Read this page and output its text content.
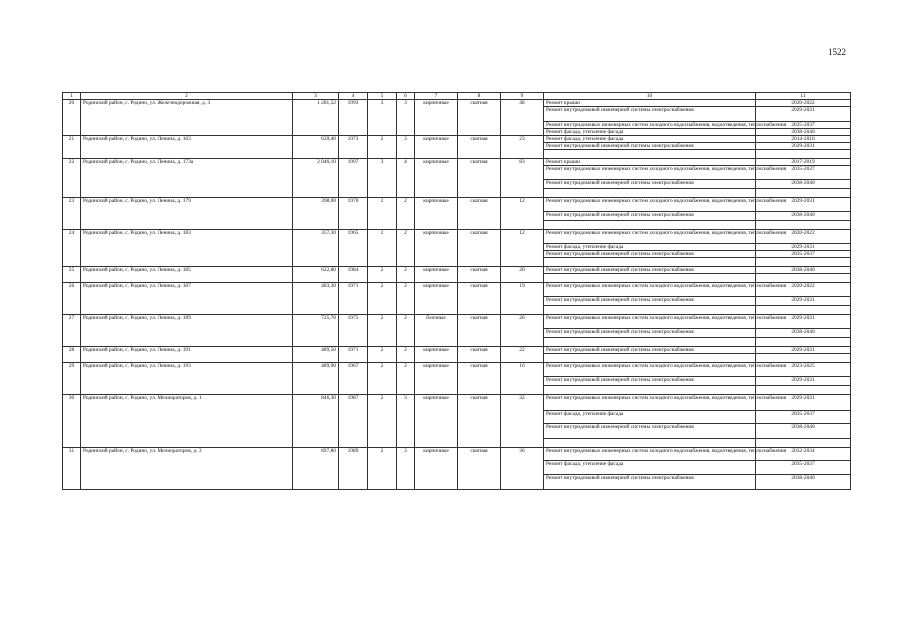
1522
1	2	3	4	5	6	7	8	9	10	11
20	Родинский район, с. Родино, ул. Железнодорожная, д. 3	1 281,52	1993	3	3	кирпичные	скатная	48	Ремонт крыши	2020-2022
									Ремонт внутридомовой инженерной системы электроснабжения	2029-2031
									Ремонт внутридомовых инженерных систем холодного водоснабжения, водоотведения, теплоснабжения	2035-2037
									Ремонт фасада, утепление фасада	2038-2040
21	Родинский район, с. Родино, ул. Ленина, д. 163	639,40	1973	2	3	кирпичные	скатная	23	Ремонт фасада, утепление фасада	2014-2016
									Ремонт внутридомовой инженерной системы электроснабжения	2029-2031

22	Родинский район, с. Родино, ул. Ленина, д. 173а	2 046,10	1997	3	4	кирпичные	скатная	83	Ремонт крыши	2017-2019
									Ремонт внутридомовых инженерных систем холодного водоснабжения, водоотведения, теплоснабжения	2035-2037
									Ремонт внутридомовой инженерной системы электроснабжения	2038-2040

23	Родинский район, с. Родино, ул. Ленина, д. 179	398,00	1970	2	2	кирпичные	скатная	12	Ремонт внутридомовых инженерных систем холодного водоснабжения, водоотведения, теплоснабжения	2029-2031
									Ремонт внутридомовой инженерной системы электроснабжения	2038-2040

24	Родинский район, с. Родино, ул. Ленина, д. 183	357,30	1965	2	2	кирпичные	скатная	12	Ремонт внутридомовых инженерных систем холодного водоснабжения, водоотведения, теплоснабжения	2020-2022
									Ремонт фасада, утепление фасада	2029-2031
									Ремонт внутридомовой инженерной системы электроснабжения	2035-2037

25	Родинский район, с. Родино, ул. Ленина, д. 185	622,80	1984	2	2	кирпичные	скатная	20	Ремонт внутридомовой инженерной системы электроснабжения	2038-2040

26	Родинский район, с. Родино, ул. Ленина, д. 187	483,30	1971	2	2	кирпичные	скатная	19	Ремонт внутридомовых инженерных систем холодного водоснабжения, водоотведения, теплоснабжения	2020-2022
									Ремонт внутридомовой инженерной системы электроснабжения	2029-2031

27	Родинский район, с. Родино, ул. Ленина, д. 189	725,70	1975	2	2	блочные	скатная	26	Ремонт внутридомовых инженерных систем холодного водоснабжения, водоотведения, теплоснабжения	2029-2031
									Ремонт внутридомовой инженерной системы электроснабжения	2038-2040

28	Родинский район, с. Родино, ул. Ленина, д. 191	489,50	1971	2	2	кирпичные	скатная	22	Ремонт внутридомовой инженерной системы электроснабжения	2029-2031

29	Родинский район, с. Родино, ул. Ленина, д. 193	489,90	1967	2	2	кирпичные	скатная	16	Ремонт внутридомовых инженерных систем холодного водоснабжения, водоотведения, теплоснабжения	2023-2025
									Ремонт внутридомовой инженерной системы электроснабжения	2029-2031

30	Родинский район, с. Родино, ул. Мелиораторов, д. 1	846,30	1987	2	3	кирпичные	скатная	32	Ремонт внутридомовых инженерных систем холодного водоснабжения, водоотведения, теплоснабжения	2029-2031
									Ремонт фасада, утепление фасада	2035-2037
									Ремонт внутридомовой инженерной системы электроснабжения	2038-2040

31	Родинский район, с. Родино, ул. Мелиораторов, д. 3	897,80	1989	2	3	кирпичные	скатная	36	Ремонт внутридомовых инженерных систем холодного водоснабжения, водоотведения, теплоснабжения	2032-2034
									Ремонт фасада, утепление фасада	2035-2037
									Ремонт внутридомовой инженерной системы электроснабжения	2038-2040
